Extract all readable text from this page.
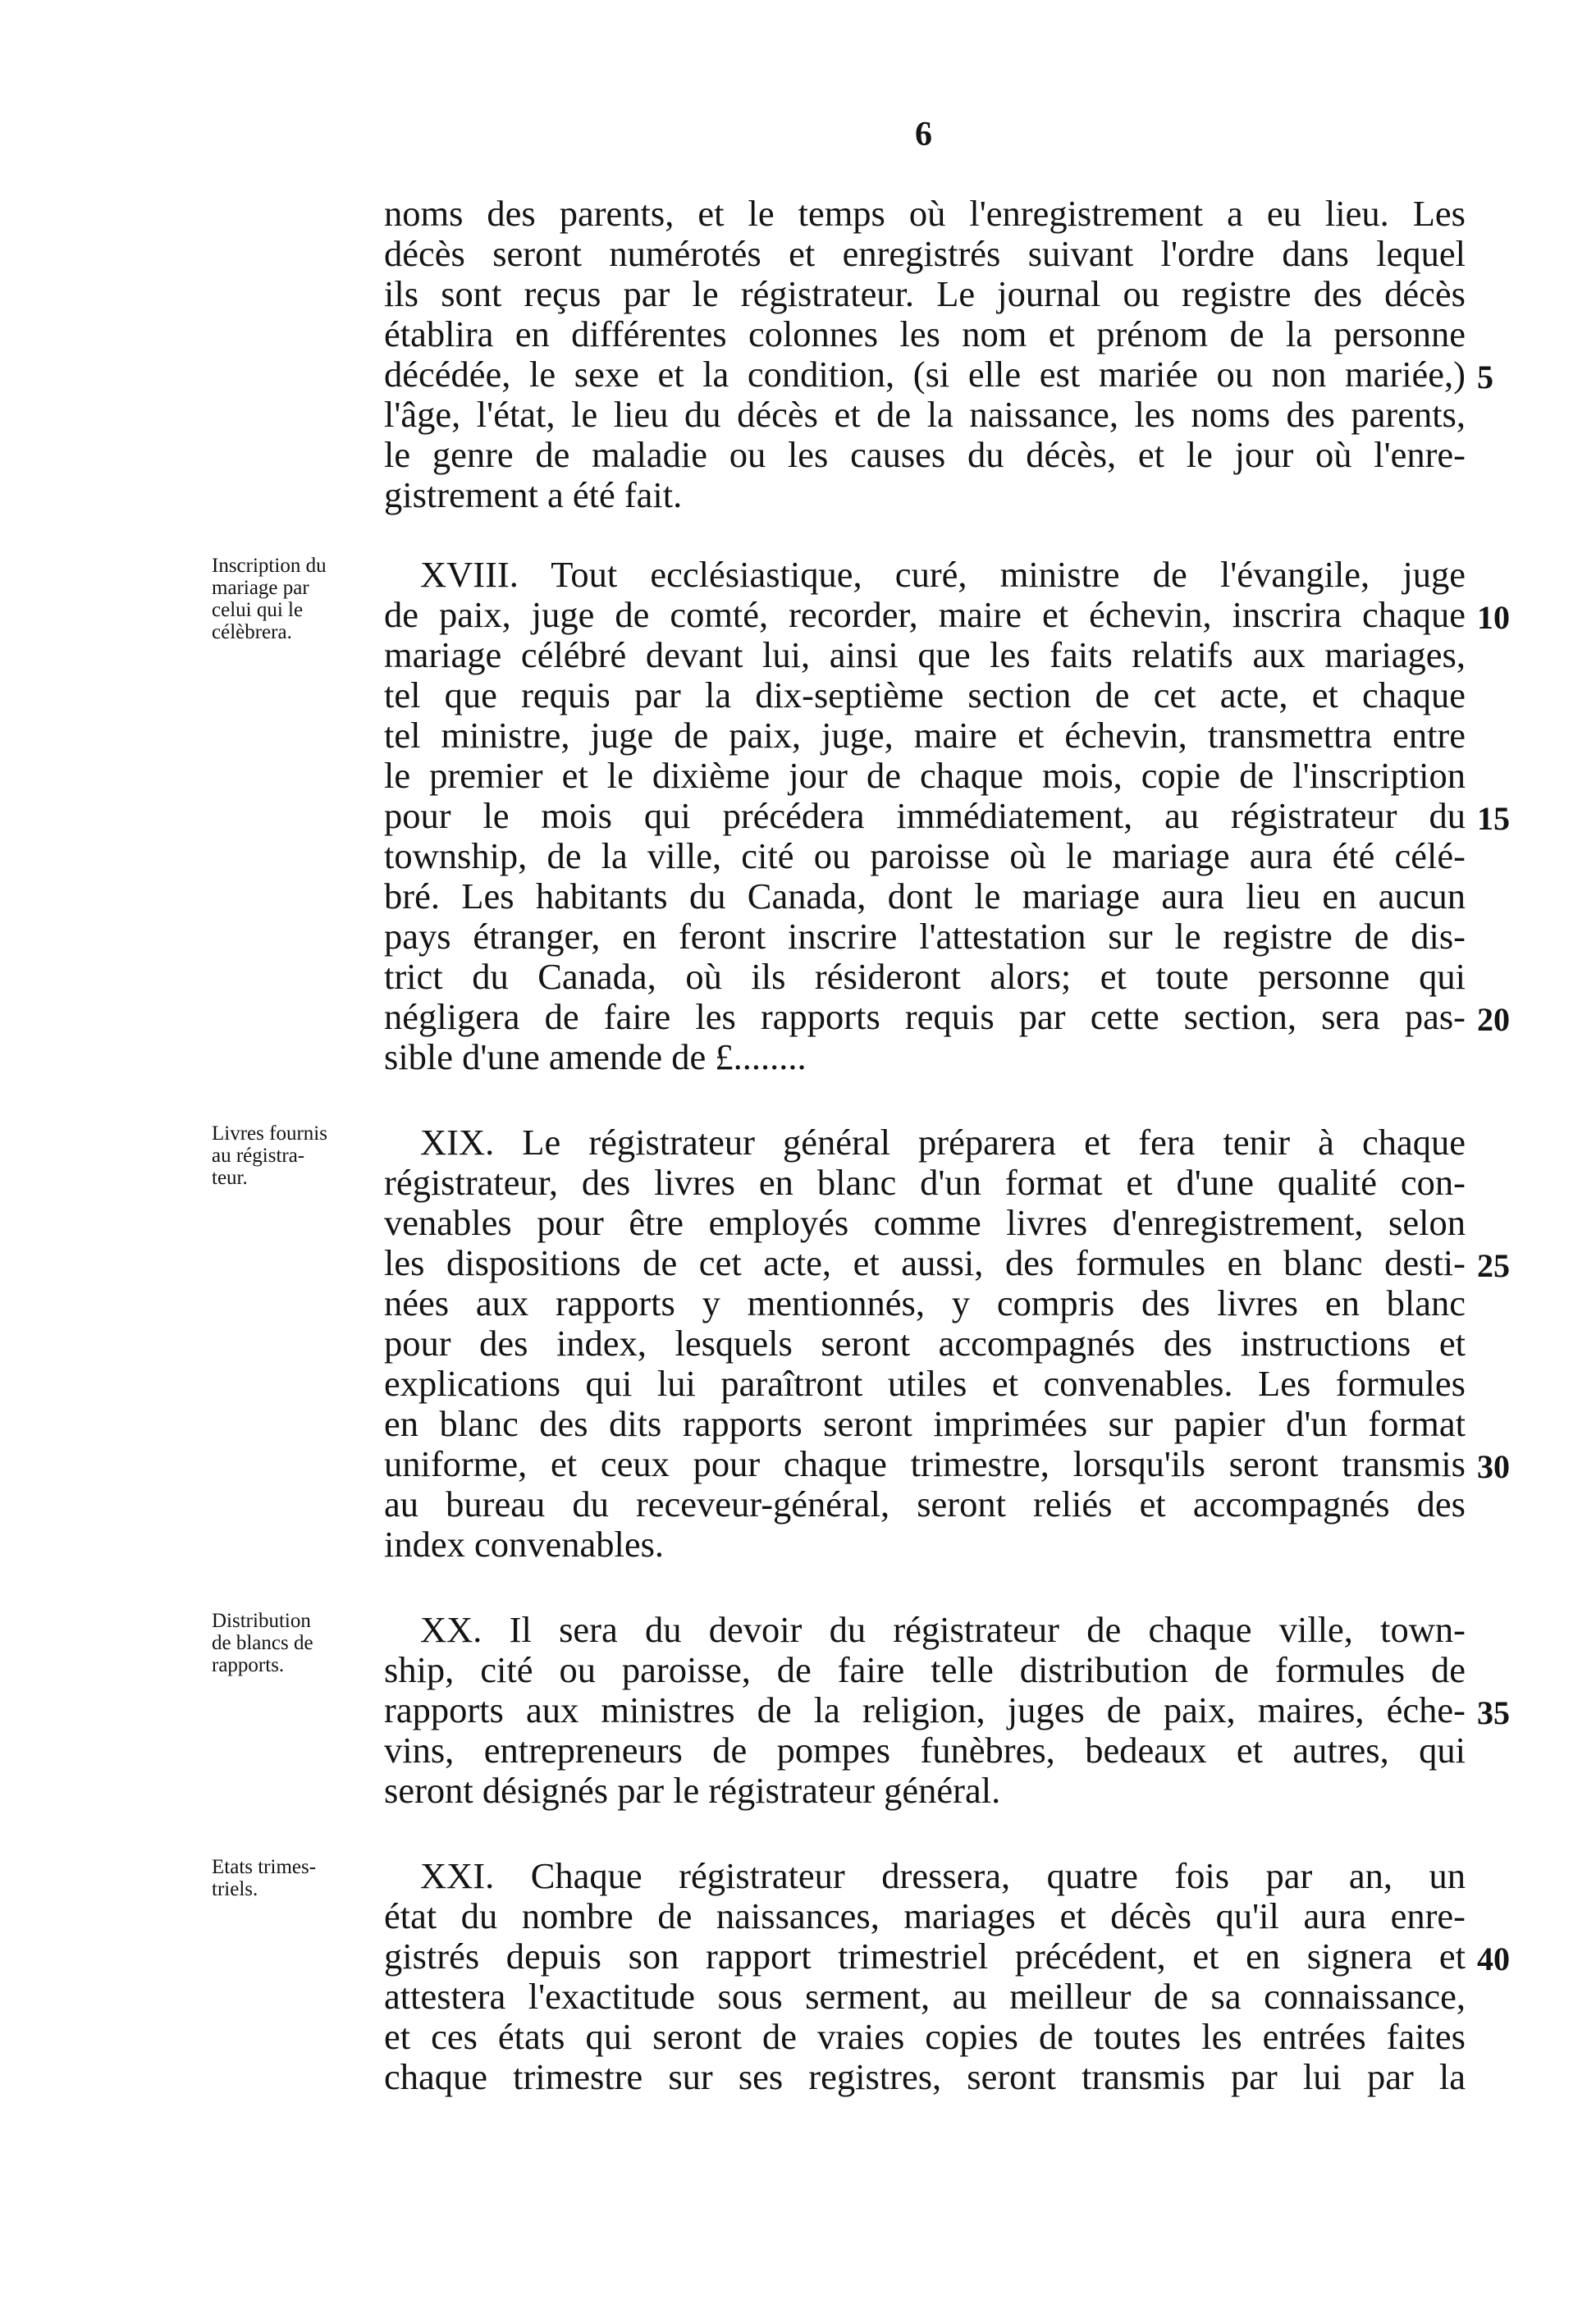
6
noms des parents, et le temps où l'enregistrement a eu lieu. Les
décès seront numérotés et enregistrés suivant l'ordre dans lequel
ils sont reçus par le régistrateur. Le journal ou registre des décès
établira en différentes colonnes les nom et prénom de la personne
décédée, le sexe et la condition, (si elle est mariée ou non mariée,)
l'âge, l'état, le lieu du décès et de la naissance, les noms des parents,
le genre de maladie ou les causes du décès, et le jour où l'enre-
gistrement a été fait.
Inscription du
mariage par
celui qui le
célèbrera.
XVIII. Tout ecclésiastique, curé, ministre de l'évangile, juge
de paix, juge de comté, recorder, maire et échevin, inscrira chaque
mariage célébré devant lui, ainsi que les faits relatifs aux mariages,
tel que requis par la dix-septième section de cet acte, et chaque
tel ministre, juge de paix, juge, maire et échevin, transmettra entre
le premier et le dixième jour de chaque mois, copie de l'inscription
pour le mois qui précédera immédiatement, au régistrateur du
township, de la ville, cité ou paroisse où le mariage aura été célé-
bré. Les habitants du Canada, dont le mariage aura lieu en aucun
pays étranger, en feront inscrire l'attestation sur le registre de dis-
trict du Canada, où ils résideront alors; et toute personne qui
négligera de faire les rapports requis par cette section, sera pas-
sible d'une amende de £........
Livres fournis
au régistra-
teur.
XIX. Le régistrateur général préparera et fera tenir à chaque
régistrateur, des livres en blanc d'un format et d'une qualité con-
venables pour être employés comme livres d'enregistrement, selon
les dispositions de cet acte, et aussi, des formules en blanc desti-
nées aux rapports y mentionnés, y compris des livres en blanc
pour des index, lesquels seront accompagnés des instructions et
explications qui lui paraîtront utiles et convenables. Les formules
en blanc des dits rapports seront imprimées sur papier d'un format
uniforme, et ceux pour chaque trimestre, lorsqu'ils seront transmis
au bureau du receveur-général, seront reliés et accompagnés des
index convenables.
Distribution
de blancs de
rapports.
XX. Il sera du devoir du régistrateur de chaque ville, town-
ship, cité ou paroisse, de faire telle distribution de formules de
rapports aux ministres de la religion, juges de paix, maires, éche-
vins, entrepreneurs de pompes funèbres, bedeaux et autres, qui
seront désignés par le régistrateur général.
Etats trimes-
triels.	XXI. Chaque régistrateur dressera, quatre fois par an, un
état du nombre de naissances, mariages et décès qu'il aura enre-
gistrés depuis son rapport trimestriel précédent, et en signera et
attestera l'exactitude sous serment, au meilleur de sa connaissance,
et ces états qui seront de vraies copies de toutes les entrées faites
chaque trimestre sur ses registres, seront transmis par lui par la
5
10
15
20
25
30
35
40
